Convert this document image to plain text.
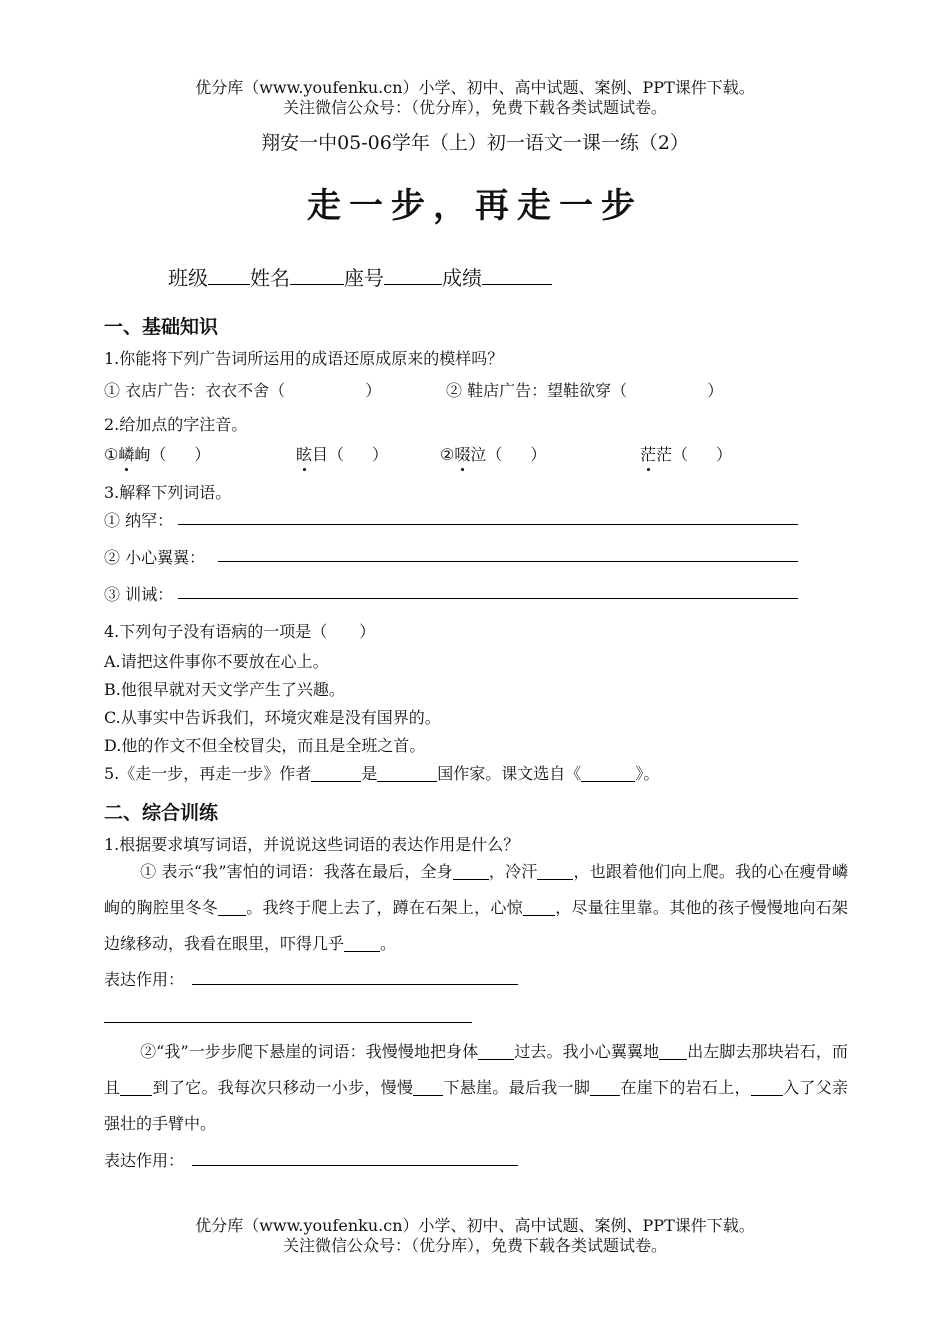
优分库（www.youfenku.cn）小学、初中、高中试题、案例、PPT课件下载。
关注微信公众号：（优分库），免费下载各类试题试卷。
翔安一中05-06学年（上）初一语文一课一练（2）
走一步，再走一步
班级 姓名	座号	成绩
一、基础知识
1.你能将下列广告词所运用的成语还原成原来的模样吗？
① 衣店广告：衣衣不舍（	）	② 鞋店广告：望鞋欲穿（	）
2.给加点的字注音。
①嶙峋（ ）	眩目（ ）	②啜泣（ ）	茫茫（ ）
3.解释下列词语。
① 纳罕：
② 小心翼翼：
③ 训诫：
4.下列句子没有语病的一项是（　　）
A.请把这件事你不要放在心上。
B.他很早就对天文学产生了兴趣。
C.从事实中告诉我们，环境灾难是没有国界的。
D.他的作文不但全校冒尖，而且是全班之首。
5.《走一步，再走一步》作者	是	国作家。课文选自《	》。
二、综合训练
1.根据要求填写词语，并说说这些词语的表达作用是什么？
① 表示“我”害怕的词语：我落在最后，全身 ，冷汗 ，也跟着他们向上爬。我的心在瘦骨嶙峋的胸腔里冬冬 。我终于爬上去了，蹲在石架上，心惊 ，尽量往里靠。其他的孩子慢慢地向石架边缘移动，我看在眼里，吓得几乎 。
表达作用：
②“我”一步步爬下悬崖的词语：我慢慢地把身体 过去。我小心翼翼地 出左脚去那块岩石，而且 到了它。我每次只移动一小步，慢慢 下悬崖。最后我一脚 在崖下的岩石上， 入了父亲强壮的手臂中。
表达作用：
优分库（www.youfenku.cn）小学、初中、高中试题、案例、PPT课件下载。
关注微信公众号：（优分库），免费下载各类试题试卷。
